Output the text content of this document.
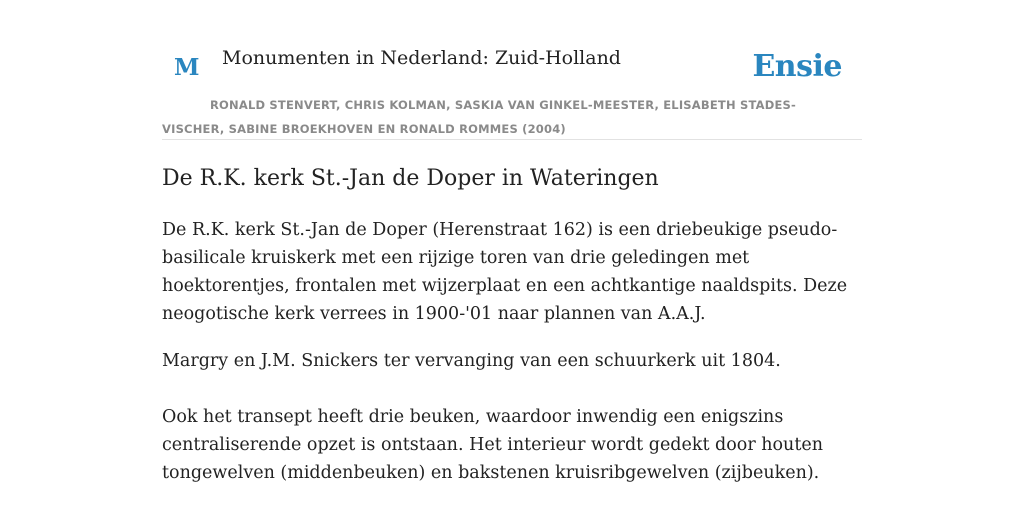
M Monumenten in Nederland: Zuid-Holland	Ensie
RONALD STENVERT, CHRIS KOLMAN, SASKIA VAN GINKEL-MEESTER, ELISABETH STADES-VISCHER, SABINE BROEKHOVEN EN RONALD ROMMES (2004)
De R.K. kerk St.-Jan de Doper in Wateringen

De R.K. kerk St.-Jan de Doper (Herenstraat 162) is een driebeukige pseudo-basilicale kruiskerk met een rijzige toren van drie geledingen met hoektorentjes, frontalen met wijzerplaat en een achtkantige naaldspits. Deze neogotische kerk verrees in 1900-'01 naar plannen van A.A.J.

Margry en J.M. Snickers ter vervanging van een schuurkerk uit 1804.

Ook het transept heeft drie beuken, waardoor inwendig een enigszins centraliserende opzet is ontstaan. Het interieur wordt gedekt door houten tongewelven (middenbeuken) en bakstenen kruisribgewelven (zijbeuken).
